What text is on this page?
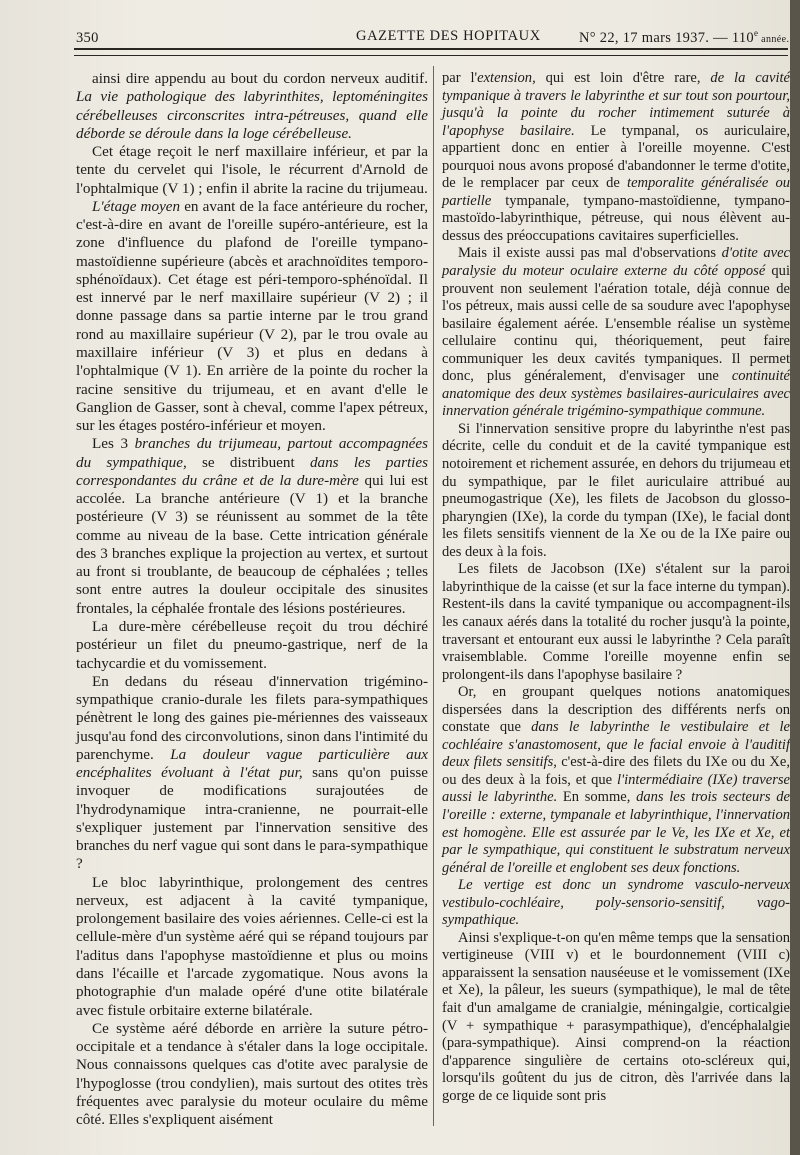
350	GAZETTE DES HOPITAUX	N° 22, 17 mars 1937. — 110e année.

ainsi dire appendu au bout du cordon nerveux auditif. La vie pathologique des labyrinthites, leptoméningites cérébelleuses circonscrites intra-pétreuses, quand elle déborde se déroule dans la loge cérébelleuse.

Cet étage reçoit le nerf maxillaire inférieur, et par la tente du cervelet qui l'isole, le récurrent d'Arnold de l'ophtalmique (V 1) ; enfin il abrite la racine du trijumeau.

L'étage moyen en avant de la face antérieure du rocher, c'est-à-dire en avant de l'oreille supéro-antérieure, est la zone d'influence du plafond de l'oreille tympano-mastoïdienne supérieure (abcès et arachnoïdites temporo-sphénoïdaux). Cet étage est péri-temporo-sphénoïdal. Il est innervé par le nerf maxillaire supérieur (V 2) ; il donne passage dans sa partie interne par le trou grand rond au maxillaire supérieur (V 2), par le trou ovale au maxillaire inférieur (V 3) et plus en dedans à l'ophtalmique (V 1). En arrière de la pointe du rocher la racine sensitive du trijumeau, et en avant d'elle le Ganglion de Gasser, sont à cheval, comme l'apex pétreux, sur les étages postéro-inférieur et moyen.

Les 3 branches du trijumeau, partout accompagnées du sympathique, se distribuent dans les parties correspondantes du crâne et de la dure-mère qui lui est accolée. La branche antérieure (V 1) et la branche postérieure (V 3) se réunissent au sommet de la tête comme au niveau de la base. Cette intrication générale des 3 branches explique la projection au vertex, et surtout au front si troublante, de beaucoup de céphalées ; telles sont entre autres la douleur occipitale des sinusites frontales, la céphalée frontale des lésions postérieures.

La dure-mère cérébelleuse reçoit du trou déchiré postérieur un filet du pneumo-gastrique, nerf de la tachycardie et du vomissement.

En dedans du réseau d'innervation trigémino-sympathique cranio-durale les filets para-sympathiques pénètrent le long des gaines pie-mériennes des vaisseaux jusqu'au fond des circonvolutions, sinon dans l'intimité du parenchyme. La douleur vague particulière aux encéphalites évoluant à l'état pur, sans qu'on puisse invoquer de modifications surajoutées de l'hydrodynamique intra-cranienne, ne pourrait-elle s'expliquer justement par l'innervation sensitive des branches du nerf vague qui sont dans le para-sympathique ?

Le bloc labyrinthique, prolongement des centres nerveux, est adjacent à la cavité tympanique, prolongement basilaire des voies aériennes. Celle-ci est la cellule-mère d'un système aéré qui se répand toujours par l'aditus dans l'apophyse mastoïdienne et plus ou moins dans l'écaille et l'arcade zygomatique. Nous avons la photographie d'un malade opéré d'une otite bilatérale avec fistule orbitaire externe bilatérale.

Ce système aéré déborde en arrière la suture pétro-occipitale et a tendance à s'étaler dans la loge occipitale. Nous connaissons quelques cas d'otite avec paralysie de l'hypoglosse (trou condylien), mais surtout des otites très fréquentes avec paralysie du moteur oculaire du même côté. Elles s'expliquent aisément

par l'extension, qui est loin d'être rare, de la cavité tympanique à travers le labyrinthe et sur tout son pourtour, jusqu'à la pointe du rocher intimement suturée à l'apophyse basilaire. Le tympanal, os auriculaire, appartient donc en entier à l'oreille moyenne. C'est pourquoi nous avons proposé d'abandonner le terme d'otite, de le remplacer par ceux de temporalite généralisée ou partielle tympanale, tympano-mastoïdienne, tympano-mastoïdo-labyrinthique, pétreuse, qui nous élèvent au-dessus des préoccupations cavitaires superficielles.

Mais il existe aussi pas mal d'observations d'otite avec paralysie du moteur oculaire externe du côté opposé qui prouvent non seulement l'aération totale, déjà connue de l'os pétreux, mais aussi celle de sa soudure avec l'apophyse basilaire également aérée. L'ensemble réalise un système cellulaire continu qui, théoriquement, peut faire communiquer les deux cavités tympaniques. Il permet donc, plus généralement, d'envisager une continuité anatomique des deux systèmes basilaires-auriculaires avec innervation générale trigémino-sympathique commune.

Si l'innervation sensitive propre du labyrinthe n'est pas décrite, celle du conduit et de la cavité tympanique est notoirement et richement assurée, en dehors du trijumeau et du sympathique, par le filet auriculaire attribué au pneumogastrique (Xe), les filets de Jacobson du glosso-pharyngien (IXe), la corde du tympan (IXe), le facial dont les filets sensitifs viennent de la Xe ou de la IXe paire ou des deux à la fois.

Les filets de Jacobson (IXe) s'étalent sur la paroi labyrinthique de la caisse (et sur la face interne du tympan). Restent-ils dans la cavité tympanique ou accompagnent-ils les canaux aérés dans la totalité du rocher jusqu'à la pointe, traversant et entourant eux aussi le labyrinthe ? Cela paraît vraisemblable. Comme l'oreille moyenne enfin se prolongent-ils dans l'apophyse basilaire ?

Or, en groupant quelques notions anatomiques dispersées dans la description des différents nerfs on constate que dans le labyrinthe le vestibulaire et le cochléaire s'anastomosent, que le facial envoie à l'auditif deux filets sensitifs, c'est-à-dire des filets du IXe ou du Xe, ou des deux à la fois, et que l'intermédiaire (IXe) traverse aussi le labyrinthe. En somme, dans les trois secteurs de l'oreille : externe, tympanale et labyrinthique, l'innervation est homogène. Elle est assurée par le Ve, les IXe et Xe, et par le sympathique, qui constituent le substratum nerveux général de l'oreille et englobent ses deux fonctions.

Le vertige est donc un syndrome vasculo-nerveux vestibulo-cochléaire, poly-sensorio-sensitif, vago-sympathique.

Ainsi s'explique-t-on qu'en même temps que la sensation vertigineuse (VIII v) et le bourdonnement (VIII c) apparaissent la sensation nauséeuse et le vomissement (IXe et Xe), la pâleur, les sueurs (sympathique), le mal de tête fait d'un amalgame de cranialgie, méningalgie, corticalgie (V + sympathique + parasympathique), d'encéphalalgie (para-sympathique). Ainsi comprend-on la réaction d'apparence singulière de certains oto-scléreux qui, lorsqu'ils goûtent du jus de citron, dès l'arrivée dans la gorge de ce liquide sont pris
